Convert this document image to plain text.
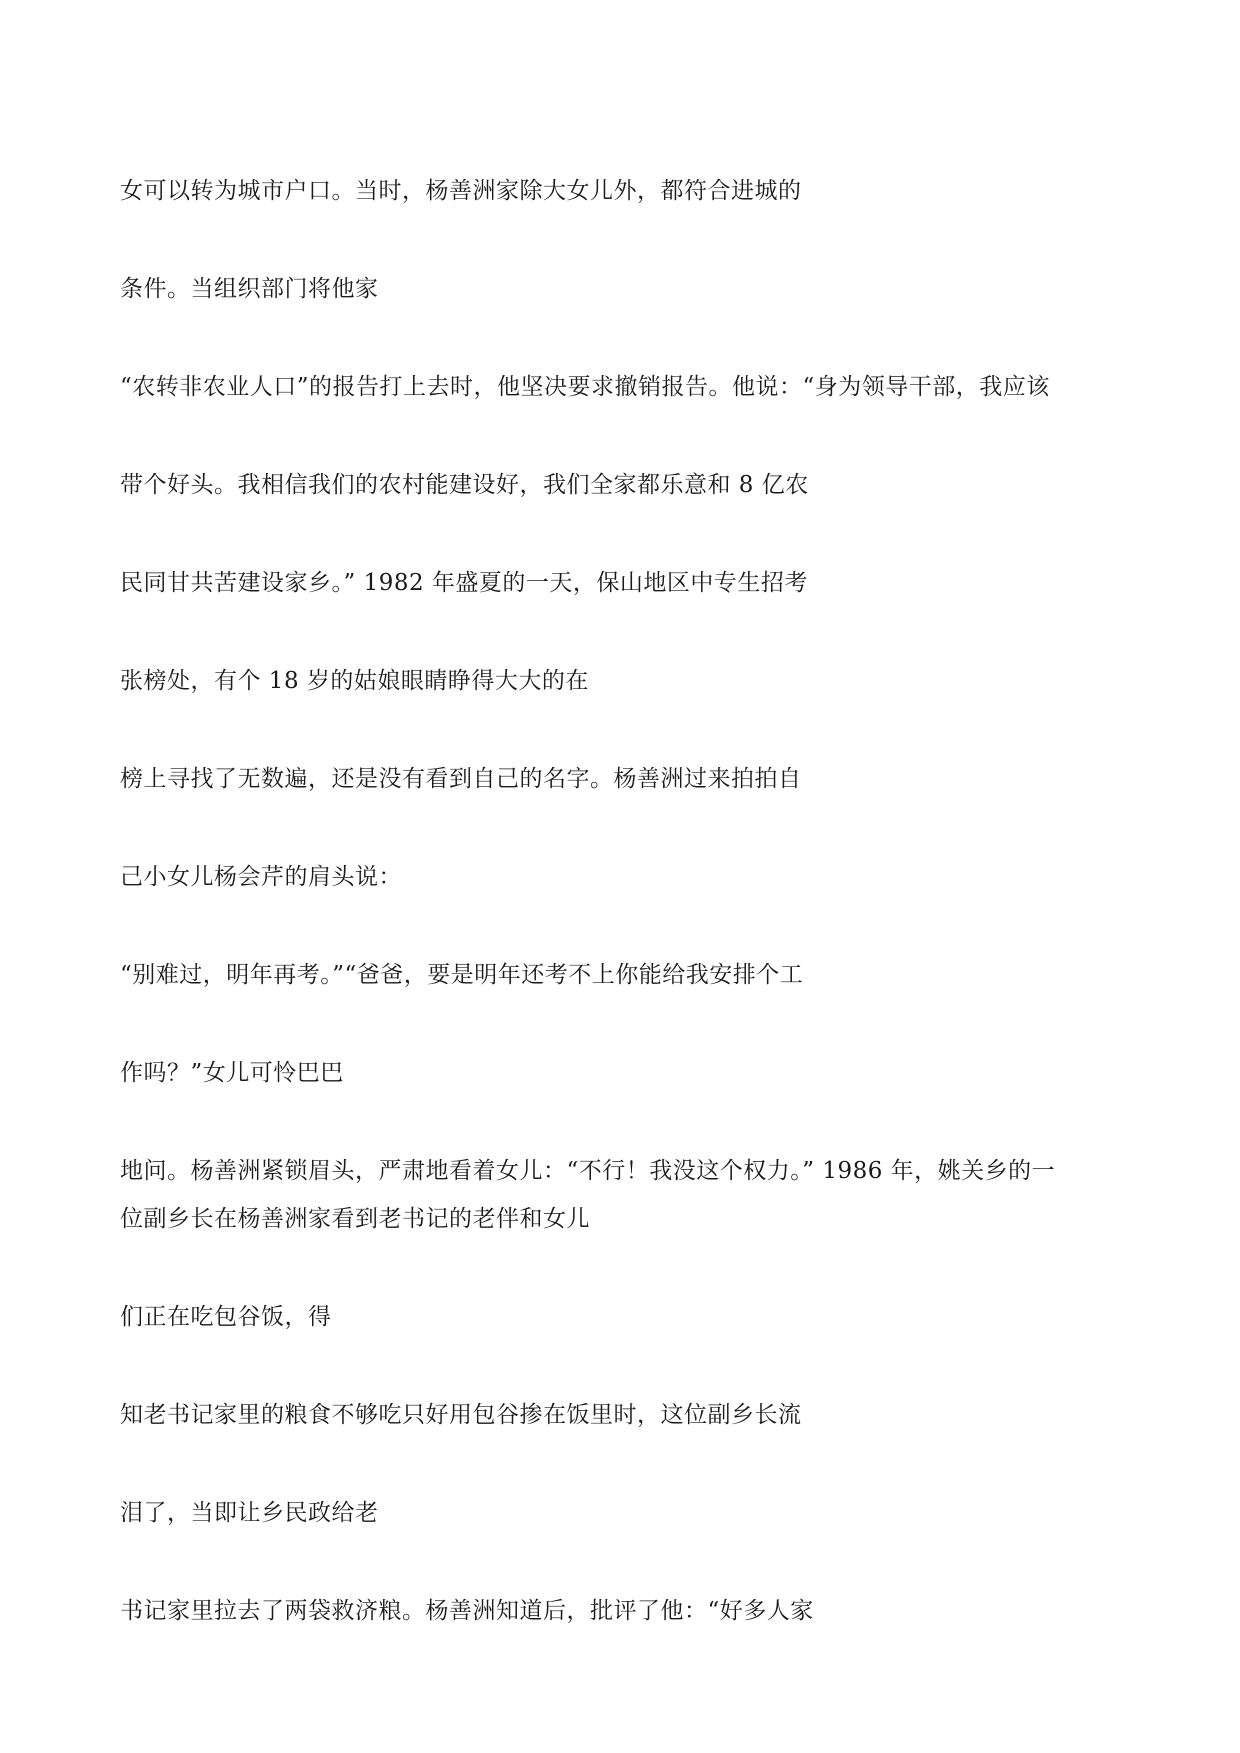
女可以转为城市户口。当时，杨善洲家除大女儿外，都符合进城的
条件。当组织部门将他家
“农转非农业人口”的报告打上去时，他坚决要求撤销报告。他说：“身为领导干部，我应该
带个好头。我相信我们的农村能建设好，我们全家都乐意和 8 亿农
民同甘共苦建设家乡。” 1982 年盛夏的一天，保山地区中专生招考
张榜处，有个 18 岁的姑娘眼睛睁得大大的在
榜上寻找了无数遍，还是没有看到自己的名字。杨善洲过来拍拍自
己小女儿杨会芹的肩头说：
“别难过，明年再考。”“爸爸，要是明年还考不上你能给我安排个工
作吗？”女儿可怜巴巴
地问。杨善洲紧锁眉头，严肃地看着女儿：“不行！我没这个权力。” 1986 年，姚关乡的一
位副乡长在杨善洲家看到老书记的老伴和女儿
们正在吃包谷饭，得
知老书记家里的粮食不够吃只好用包谷掺在饭里时，这位副乡长流
泪了，当即让乡民政给老
书记家里拉去了两袋救济粮。杨善洲知道后，批评了他：“好多人家
